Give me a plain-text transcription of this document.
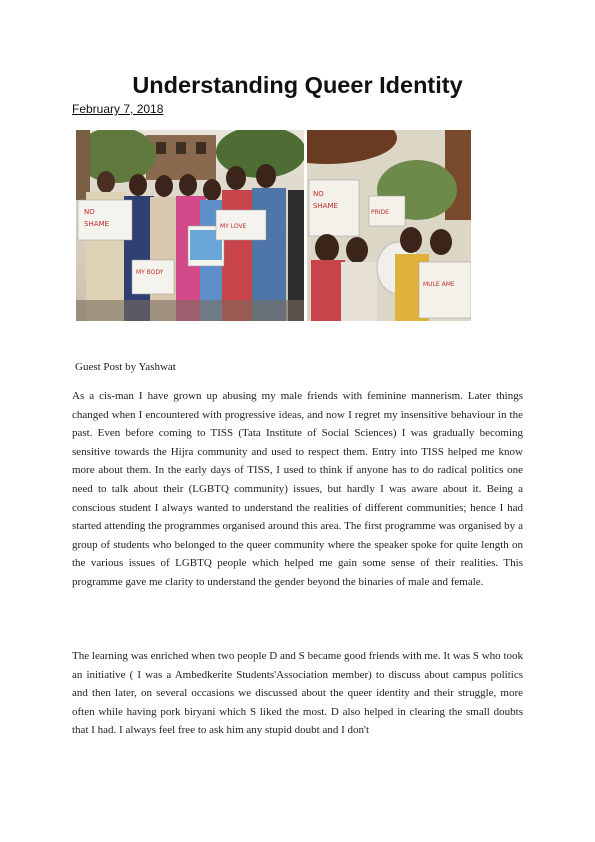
Understanding Queer Identity
February 7, 2018
NO
SHAME
MY BODY
MY LOVE
NO
SHAME
PRIDE
MULE AME
Guest Post by Yashwat

As a cis-man I have grown up abusing my male friends with feminine mannerism. Later things changed when I encountered with progressive ideas, and now I regret my insensitive behaviour in the past. Even before coming to TISS (Tata Institute of Social Sciences) I was gradually becoming sensitive towards the Hijra community and used to respect them. Entry into TISS helped me know more about them. In the early days of TISS, I used to think if anyone has to do radical politics one need to talk about their (LGBTQ community) issues, but hardly I was aware about it. Being a conscious student I always wanted to understand the realities of different communities; hence I had started attending the programmes organised around this area. The first programme was organised by a group of students who belonged to the queer community where the speaker spoke for quite length on the various issues of LGBTQ people which helped me gain some sense of their realities. This programme gave me clarity to understand the gender beyond the binaries of male and female.

The learning was enriched when two people D and S became good friends with me. It was S who took an initiative ( I was a Ambedkerite Students'Association member) to discuss about campus politics and then later, on several occasions we discussed about the queer identity and their struggle, more often while having pork biryani which S liked the most. D also helped in clearing the small doubts that I had. I always feel free to ask him any stupid doubt and I don't
